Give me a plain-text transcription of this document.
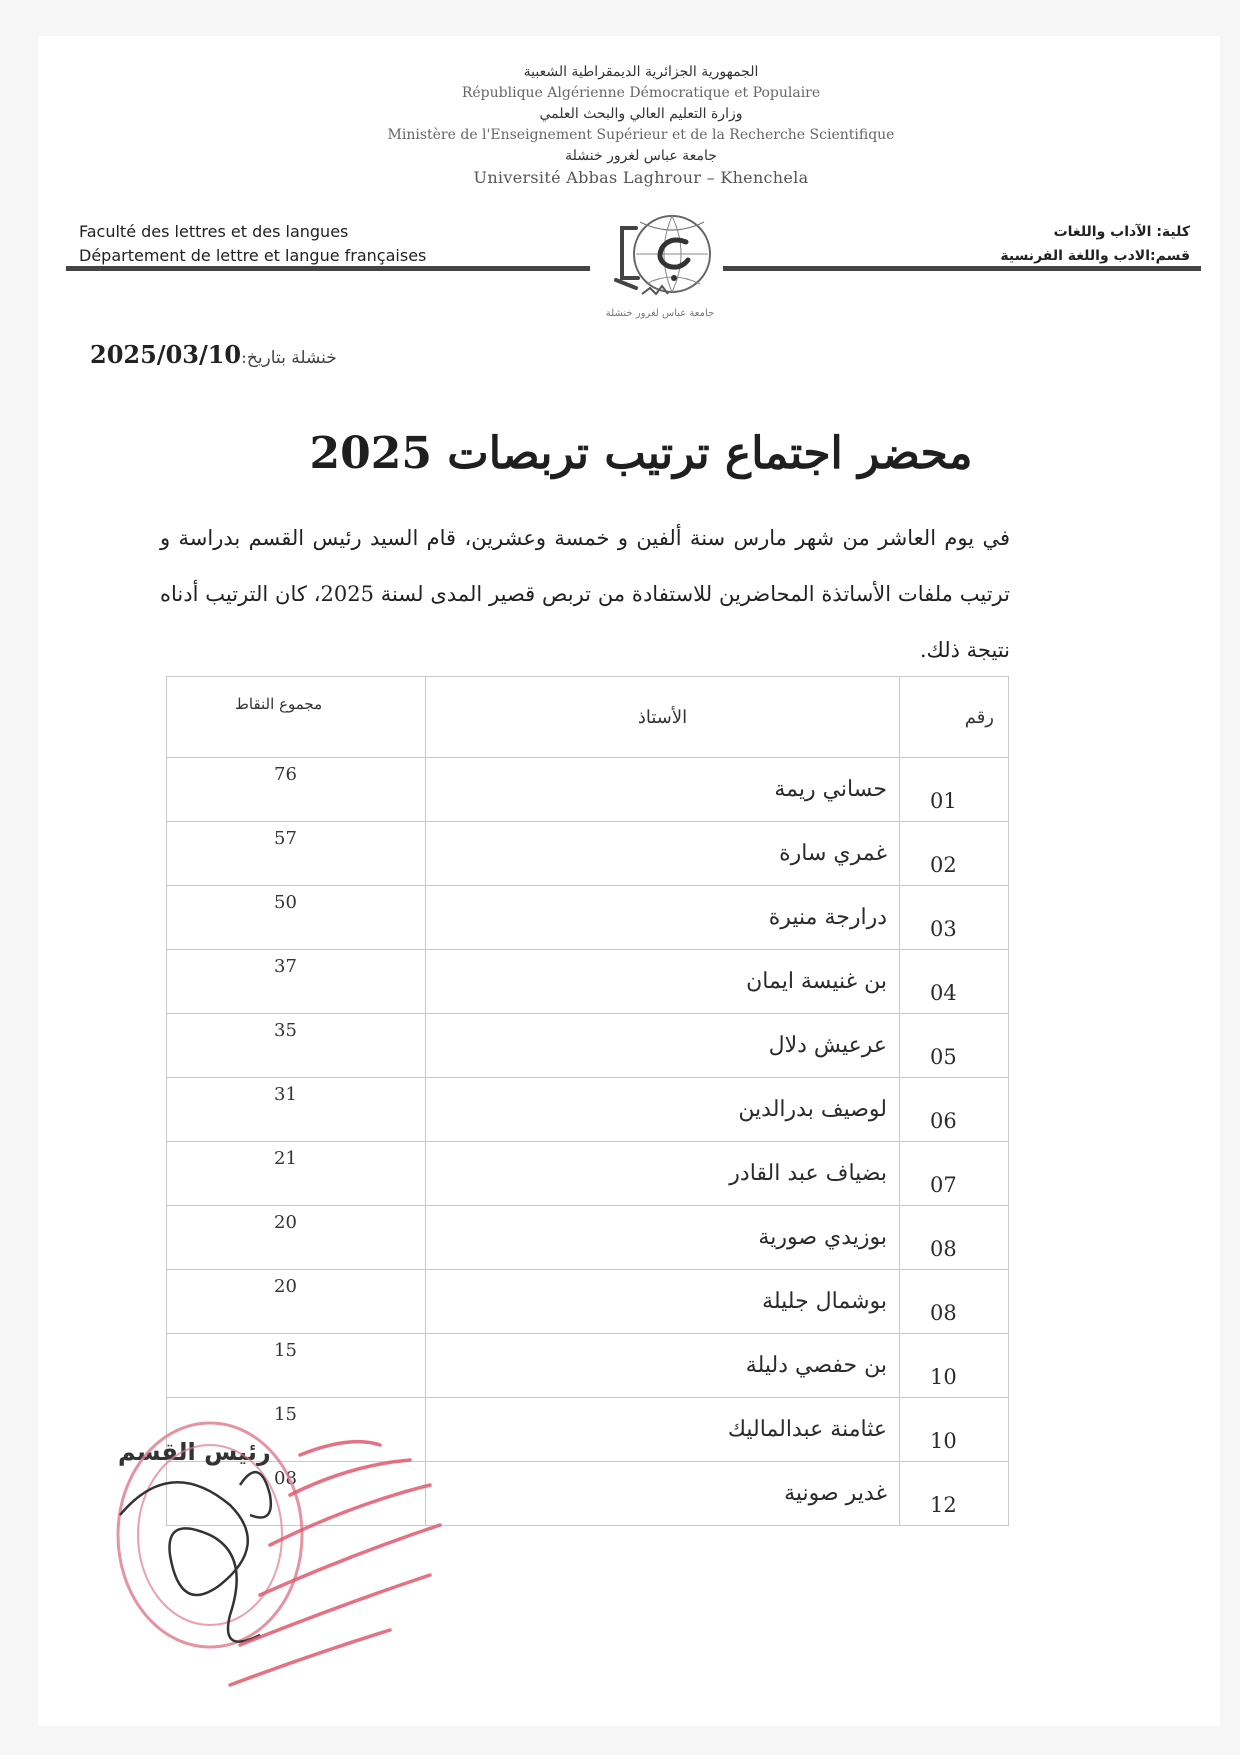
الجمهورية الجزائرية الديمقراطية الشعبية
République Algérienne Démocratique et Populaire
وزارة التعليم العالي والبحث العلمي
Ministère de l'Enseignement Supérieur et de la Recherche Scientifique
جامعة عباس لغرور خنشلة
Université Abbas Laghrour – Khenchela
Faculté des lettres et des langues
Département de lettre et langue françaises
كلية: الآداب واللغات
قسم:الادب واللغة الفرنسية
جامعة عباس لغرور خنشلة
خنشلة بتاريخ:2025/03/10
محضر اجتماع ترتيب تربصات 2025
في يوم العاشر من شهر مارس سنة ألفين و خمسة وعشرين، قام السيد رئيس القسم بدراسة و ترتيب ملفات الأساتذة المحاضرين للاستفادة من تربص قصير المدى لسنة 2025، كان الترتيب أدناه نتيجة ذلك.
رقم	الأستاذ	مجموع النقاط
01	حساني ريمة	76
02	غمري سارة	57
03	درارجة منيرة	50
04	بن غنيسة ايمان	37
05	عرعيش دلال	35
06	لوصيف بدرالدين	31
07	بضياف عبد القادر	21
08	بوزيدي صورية	20
08	بوشمال جليلة	20
10	بن حفصي دليلة	15
10	عثامنة عبدالماليك	15
12	غدير صونية	08
رئيس القسم
